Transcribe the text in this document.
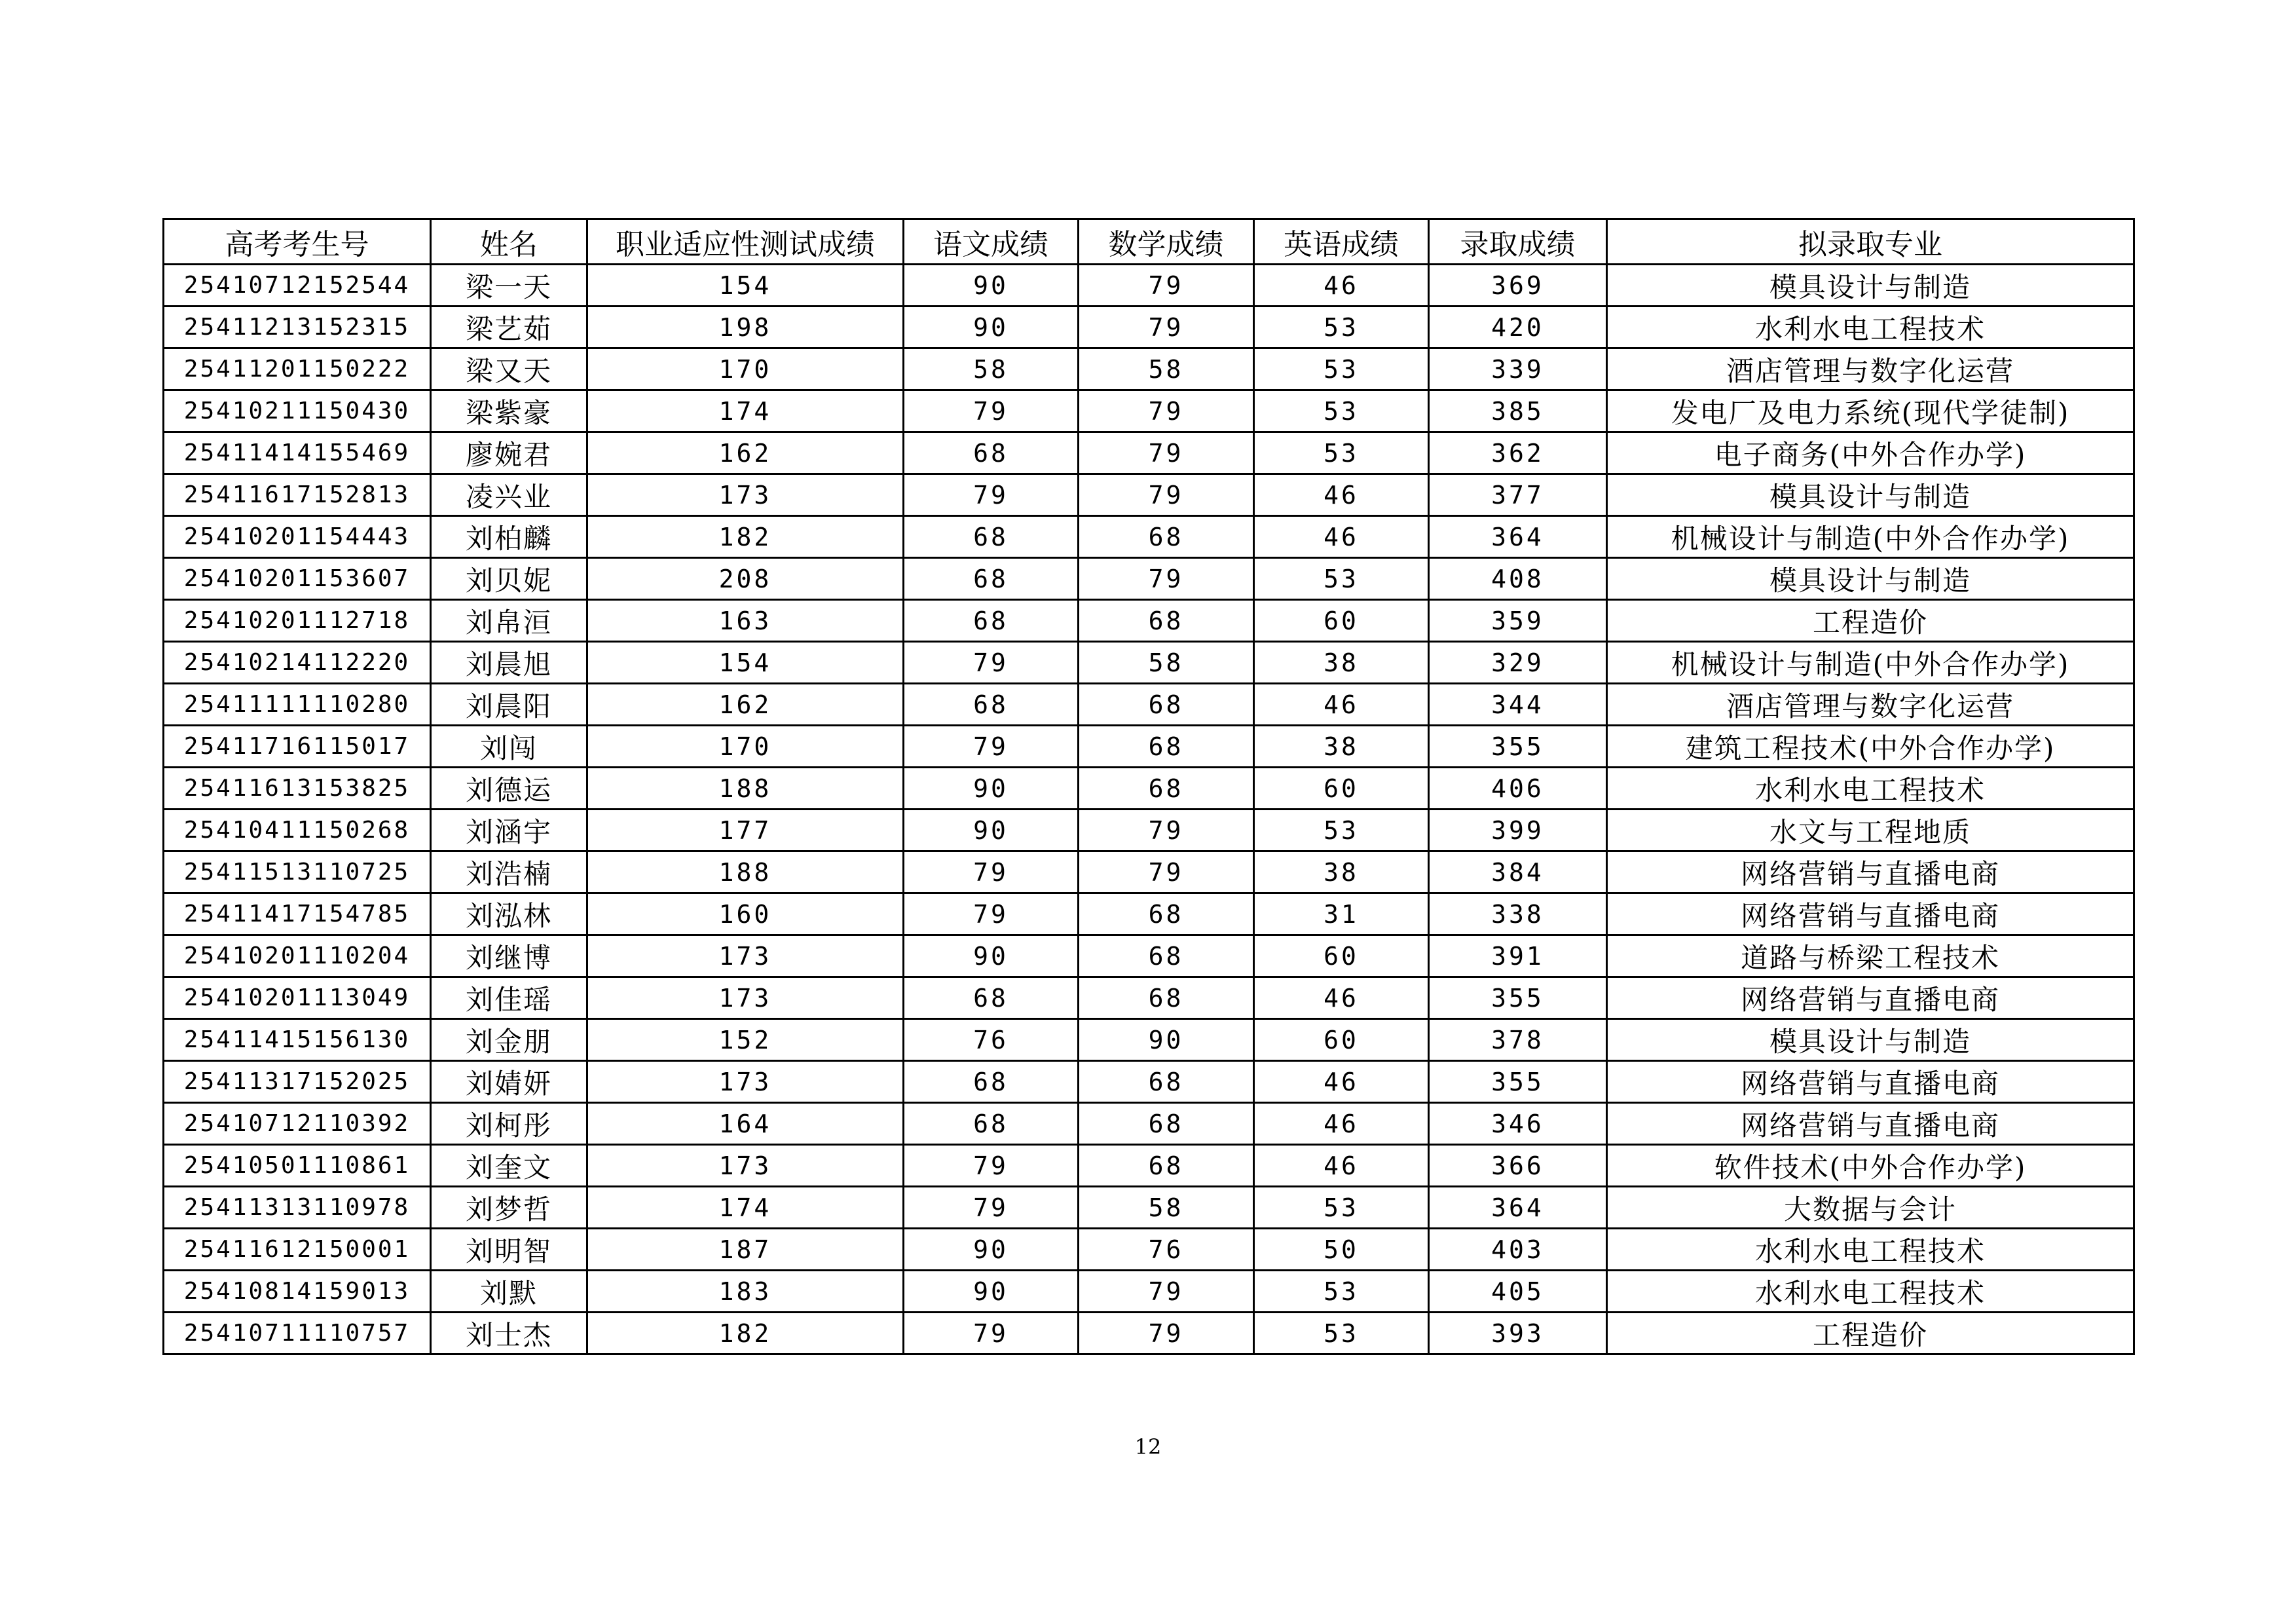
高考考生号	姓名	职业适应性测试成绩	语文成绩	数学成绩	英语成绩	录取成绩	拟录取专业
25410712152544	梁一天	154	90	79	46	369	模具设计与制造
25411213152315	梁艺茹	198	90	79	53	420	水利水电工程技术
25411201150222	梁又天	170	58	58	53	339	酒店管理与数字化运营
25410211150430	梁紫豪	174	79	79	53	385	发电厂及电力系统(现代学徒制)
25411414155469	廖婉君	162	68	79	53	362	电子商务(中外合作办学)
25411617152813	凌兴业	173	79	79	46	377	模具设计与制造
25410201154443	刘柏麟	182	68	68	46	364	机械设计与制造(中外合作办学)
25410201153607	刘贝妮	208	68	79	53	408	模具设计与制造
25410201112718	刘帛洹	163	68	68	60	359	工程造价
25410214112220	刘晨旭	154	79	58	38	329	机械设计与制造(中外合作办学)
25411111110280	刘晨阳	162	68	68	46	344	酒店管理与数字化运营
25411716115017	刘闯	170	79	68	38	355	建筑工程技术(中外合作办学)
25411613153825	刘德运	188	90	68	60	406	水利水电工程技术
25410411150268	刘涵宇	177	90	79	53	399	水文与工程地质
25411513110725	刘浩楠	188	79	79	38	384	网络营销与直播电商
25411417154785	刘泓林	160	79	68	31	338	网络营销与直播电商
25410201110204	刘继博	173	90	68	60	391	道路与桥梁工程技术
25410201113049	刘佳瑶	173	68	68	46	355	网络营销与直播电商
25411415156130	刘金朋	152	76	90	60	378	模具设计与制造
25411317152025	刘婧妍	173	68	68	46	355	网络营销与直播电商
25410712110392	刘柯彤	164	68	68	46	346	网络营销与直播电商
25410501110861	刘奎文	173	79	68	46	366	软件技术(中外合作办学)
25411313110978	刘梦哲	174	79	58	53	364	大数据与会计
25411612150001	刘明智	187	90	76	50	403	水利水电工程技术
25410814159013	刘默	183	90	79	53	405	水利水电工程技术
25410711110757	刘士杰	182	79	79	53	393	工程造价
12
